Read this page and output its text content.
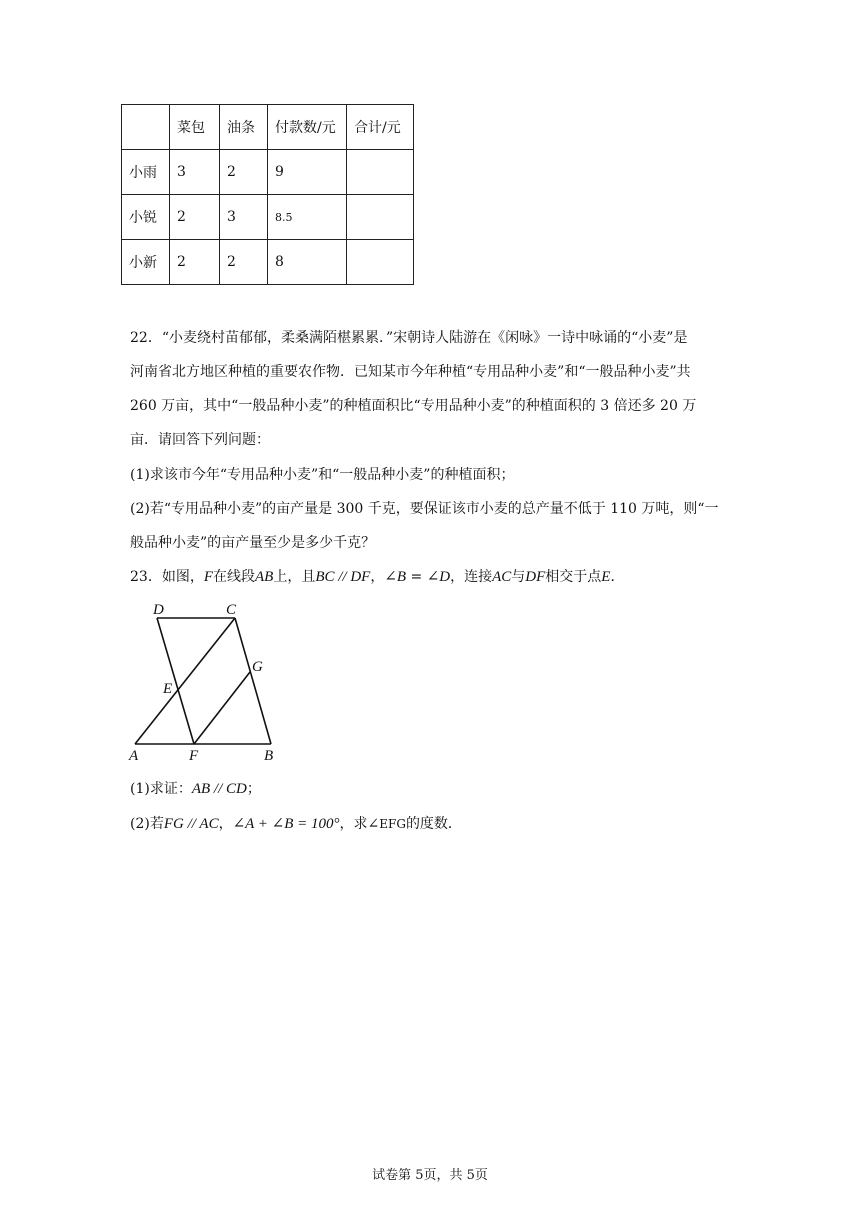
	菜包	油条	付款数/元	合计/元
小雨	3	2	9	
小锐	2	3	8.5	
小新	2	2	8	
22．“小麦绕村苗郁郁，柔桑满陌椹累累．”宋朝诗人陆游在《闲咏》一诗中咏诵的“小麦”是
河南省北方地区种植的重要农作物．已知某市今年种植“专用品种小麦”和“一般品种小麦”共
260 万亩，其中“一般品种小麦”的种植面积比“专用品种小麦”的种植面积的 3 倍还多 20 万
亩．请回答下列问题：
(1)求该市今年“专用品种小麦”和“一般品种小麦”的种植面积；
(2)若“专用品种小麦”的亩产量是 300 千克，要保证该市小麦的总产量不低于 110 万吨，则“一
般品种小麦”的亩产量至少是多少千克？
23．如图，F在线段AB上，且BC // DF，∠B = ∠D，连接AC与DF相交于点E．
D	C
G
E
A	F	B
(1)求证：AB // CD；
(2)若FG // AC，∠A + ∠B = 100°，求∠EFG的度数．
试卷第 5页，共 5页
